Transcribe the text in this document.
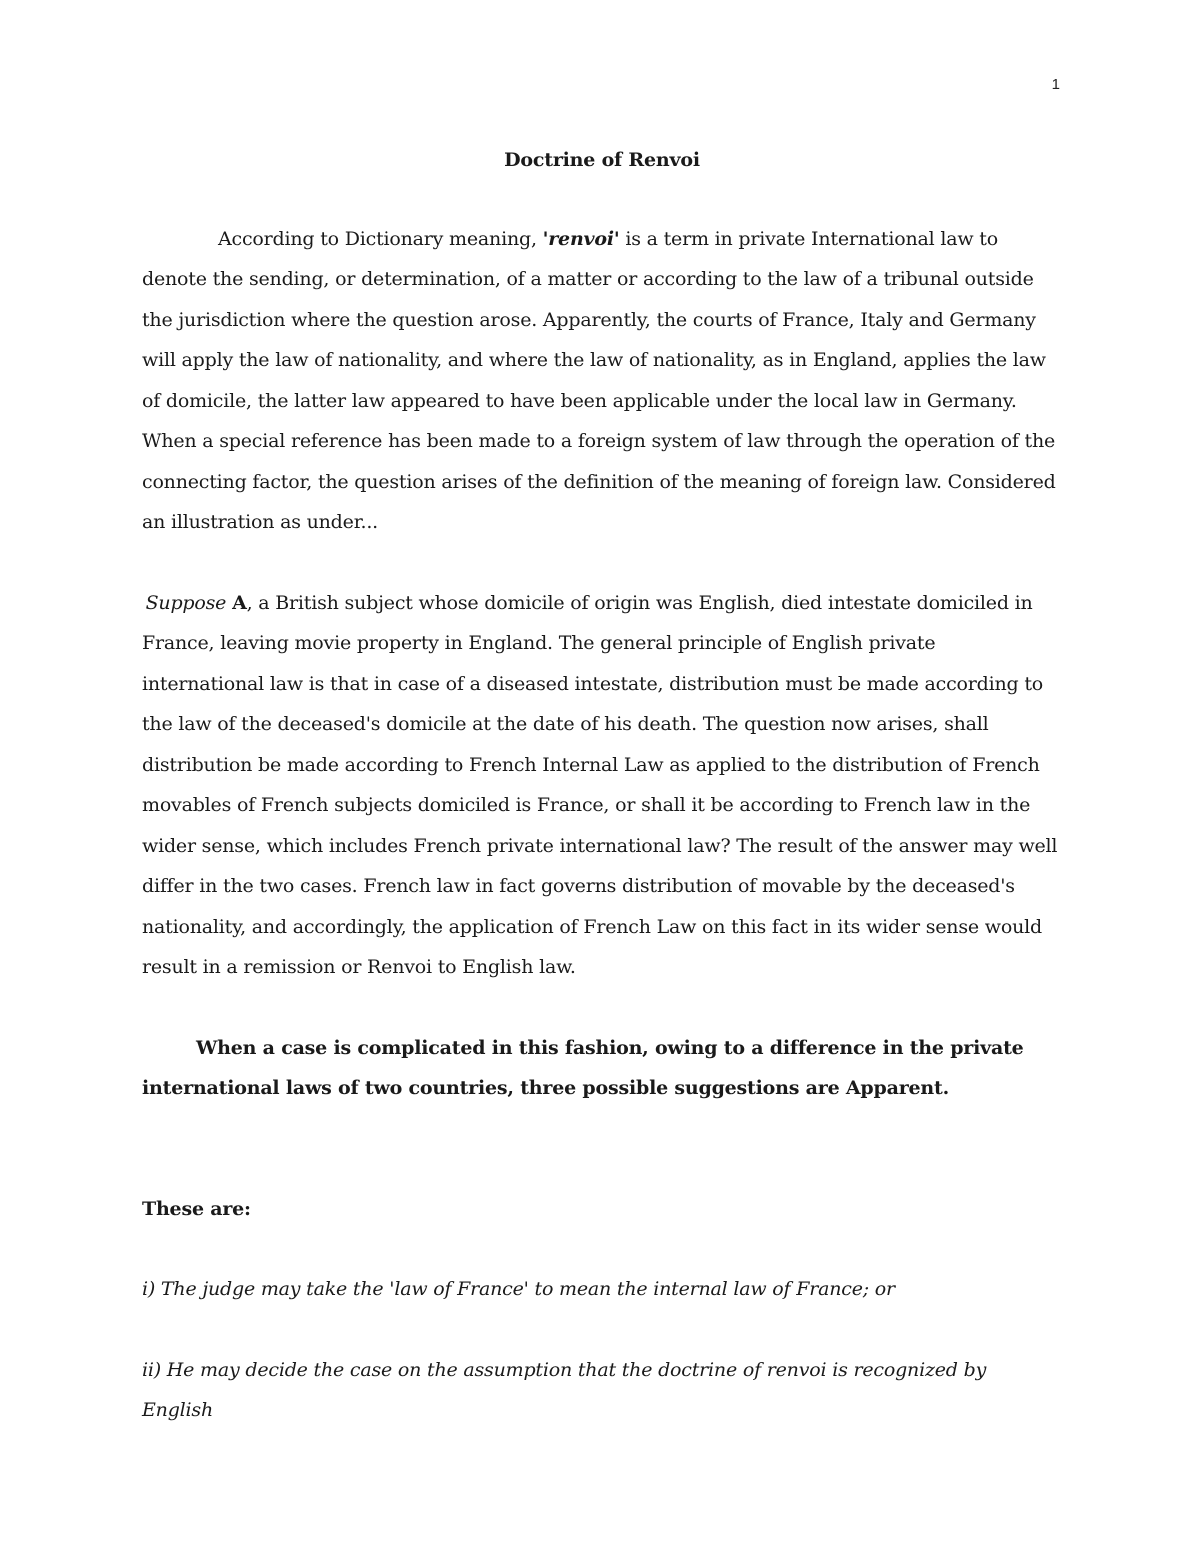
1

Doctrine of Renvoi

According to Dictionary meaning, 'renvoi' is a term in private International law to denote the sending, or determination, of a matter or according to the law of a tribunal outside the jurisdiction where the question arose. Apparently, the courts of France, Italy and Germany will apply the law of nationality, and where the law of nationality, as in England, applies the law of domicile, the latter law appeared to have been applicable under the local law in Germany. When a special reference has been made to a foreign system of law through the operation of the connecting factor, the question arises of the definition of the meaning of foreign law. Considered an illustration as under...

 Suppose A, a British subject whose domicile of origin was English, died intestate domiciled in France, leaving movie property in England. The general principle of English private international law is that in case of a diseased intestate, distribution must be made according to the law of the deceased's domicile at the date of his death. The question now arises, shall distribution be made according to French Internal Law as applied to the distribution of French movables of French subjects domiciled is France, or shall it be according to French law in the wider sense, which includes French private international law? The result of the answer may well differ in the two cases. French law in fact governs distribution of movable by the deceased's nationality, and accordingly, the application of French Law on this fact in its wider sense would result in a remission or Renvoi to English law.

When a case is complicated in this fashion, owing to a difference in the private international laws of two countries, three possible suggestions are Apparent.

These are:

i) The judge may take the 'law of France' to mean the internal law of France; or

ii) He may decide the case on the assumption that the doctrine of renvoi is recognized by English
